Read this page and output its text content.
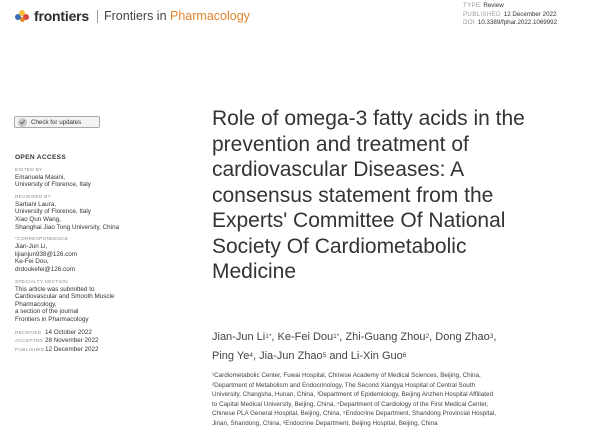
frontiers Frontiers in Pharmacology
TYPE Review
PUBLISHED 12 December 2022
DOI 10.3389/fphar.2022.1069992
Check for updates
OPEN ACCESS
EDITED BY
Emanuela Masini,
University of Florence, Italy
REVIEWED BY
Sartiani Laura,
University of Florence, Italy
Xiao Qun Wang,
Shanghai Jiao Tong University, China
*CORRESPONDENCE
Jian-Jun Li,
lijianjun938@126.com
Ke-Fei Dou,
drdoukefei@126.com
SPECIALTY SECTION
This article was submitted to
Cardiovascular and Smooth Muscle
Pharmacology,
a section of the journal
Frontiers in Pharmacology
RECEIVED 14 October 2022
ACCEPTED 28 November 2022
PUBLISHED12 December 2022
Role of omega-3 fatty acids in the
prevention and treatment of
cardiovascular Diseases: A
consensus statement from the
Experts' Committee Of National
Society Of Cardiometabolic
Medicine
Jian-Jun $Li^{1*}$, Ke-Fei Dou$^{1*}$, Zhi-Guang Zhou$^2$, Dong Zhao$^3$,
Ping Ye$^4$, Jia-Jun Zhao$^5$ and Li-Xin Guo$^6$
¹Cardiometabolic Center, Fuwai Hospital, Chinese Academy of Medical Sciences, Beijing, China,
²Department of Metabolism and Endocrinology, The Second Xiangya Hospital of Central South
University, Changsha, Hunan, China, ³Department of Epidemiology, Beijing Anzhen Hospital Affiliated
to Capital Medical University, Beijing, China, ⁴Department of Cardiology of the First Medical Center,
Chinese PLA General Hospital, Beijing, China, ⁵Endocrine Department, Shandong Provincial Hospital,
Jinan, Shandong, China, ⁶Endocrine Department, Beijing Hospital, Beijing, China
